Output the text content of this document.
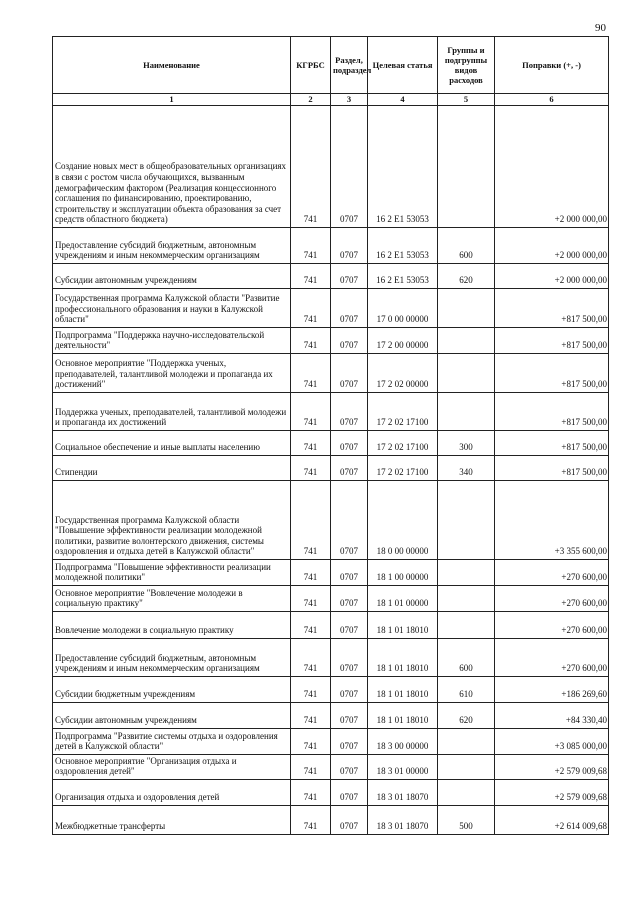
90
Наименование	КГРБС	Раздел, подраздел	Целевая статья	Группы и подгруппы видов расходов	Поправки (+, -)
1	2	3	4	5	6
Создание новых мест в общеобразовательных организациях в связи с ростом числа обучающихся, вызванным демографическим фактором (Реализация концессионного соглашения по финансированию, проектированию, строительству и эксплуатации объекта образования за счет средств областного бюджета)	741	0707	16 2 E1 53053		+2 000 000,00
Предоставление субсидий бюджетным, автономным учреждениям и иным некоммерческим организациям	741	0707	16 2 E1 53053	600	+2 000 000,00
Субсидии автономным учреждениям	741	0707	16 2 E1 53053	620	+2 000 000,00
Государственная программа Калужской области "Развитие профессионального образования и науки в Калужской области"	741	0707	17 0 00 00000		+817 500,00
Подпрограмма "Поддержка научно-исследовательской деятельности"	741	0707	17 2 00 00000		+817 500,00
Основное мероприятие "Поддержка ученых, преподавателей, талантливой молодежи и пропаганда их достижений"	741	0707	17 2 02 00000		+817 500,00
Поддержка ученых, преподавателей, талантливой молодежи и пропаганда их достижений	741	0707	17 2 02 17100		+817 500,00
Социальное обеспечение и иные выплаты населению	741	0707	17 2 02 17100	300	+817 500,00
Стипендии	741	0707	17 2 02 17100	340	+817 500,00
Государственная программа Калужской области "Повышение эффективности реализации молодежной политики, развитие волонтерского движения, системы оздоровления и отдыха детей в Калужской области"	741	0707	18 0 00 00000		+3 355 600,00
Подпрограмма "Повышение эффективности реализации молодежной политики"	741	0707	18 1 00 00000		+270 600,00
Основное мероприятие "Вовлечение молодежи в социальную практику"	741	0707	18 1 01 00000		+270 600,00
Вовлечение молодежи в социальную практику	741	0707	18 1 01 18010		+270 600,00
Предоставление субсидий бюджетным, автономным учреждениям и иным некоммерческим организациям	741	0707	18 1 01 18010	600	+270 600,00
Субсидии бюджетным учреждениям	741	0707	18 1 01 18010	610	+186 269,60
Субсидии автономным учреждениям	741	0707	18 1 01 18010	620	+84 330,40
Подпрограмма "Развитие системы отдыха и оздоровления детей в Калужской области"	741	0707	18 3 00 00000		+3 085 000,00
Основное мероприятие "Организация отдыха и оздоровления детей"	741	0707	18 3 01 00000		+2 579 009,68
Организация отдыха и оздоровления детей	741	0707	18 3 01 18070		+2 579 009,68
Межбюджетные трансферты	741	0707	18 3 01 18070	500	+2 614 009,68
